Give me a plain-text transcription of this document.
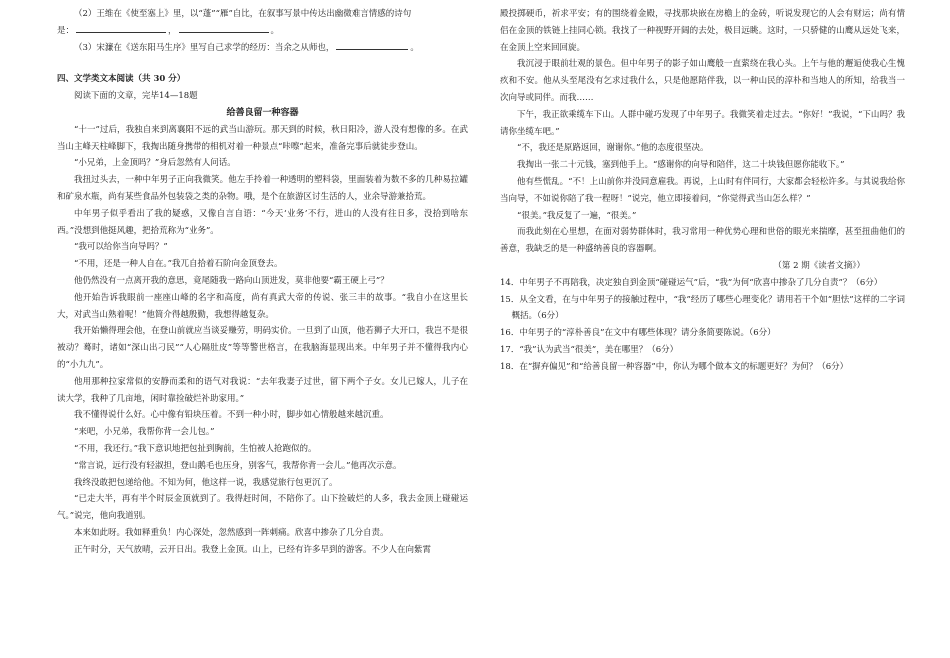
（2）王维在《使至塞上》里，以“蓬”“雁”自比，在叙事写景中传达出幽微难言情感的诗句

是：	，	。

（3）宋濂在《送东阳马生序》里写自己求学的经历：当余之从师也，	。

四、文学类文本阅读（共 30 分）

阅读下面的文章，完毕14—18题

给善良留一种容器

“十一”过后，我独自来到离襄阳不远的武当山游玩。那天到的时候，秋日阳冷，游人没有想像的多。在武当山主峰天柱峰脚下，我掏出随身携带的相机对着一种景点“咔嚓”起来，准备完事后就徒步登山。

“小兄弟，上金顶吗？”身后忽然有人问话。

我扭过头去，一种中年男子正向我微笑。他左手拎着一种透明的塑料袋，里面装着为数不多的几种易拉罐和矿泉水瓶，尚有某些食品外包装袋之类的杂物。哦，是个在旅游区讨生活的人，业余导游兼拾荒。

中年男子似乎看出了我的疑惑，又像自言自语：“今天‘业务’不行，进山的人没有往日多，没拾到啥东西。”没想到他挺风趣，把拾荒称为“业务”。

“我可以给你当向导吗？”

“不用，还是一种人自在。”我兀自拾着石阶向金顶登去。

他仍然没有一点离开我的意思，竟尾随我一路向山顶进发，莫非他要“霸王硬上弓”？

他开始告诉我眼前一座座山峰的名字和高度，尚有真武大帝的传说、张三丰的故事。“我自小在这里长大，对武当山熟着呢！”他简介得越殷勤，我想得越复杂。

我开始懒得理会他，在登山前就应当谈妥赚劳，明码实价。一旦到了山顶，他若狮子大开口，我岂不是很被动？蓦时，诸如“深山出刁民”“人心隔肚皮”等等警世格言，在我脑海显现出来。中年男子并不懂得我内心的“小九九”。

他用那种拉家常似的安静而柔和的语气对我说：“去年我妻子过世，留下两个子女。女儿已嫁人，儿子在读大学，我种了几亩地，闲时靠捡破烂补助家用。”

我不懂得说什么好。心中像有铅块压着。不到一种小时，脚步如心情般越来越沉重。

“来吧，小兄弟，我帮你背一会儿包。”

“不用，我还行。”我下意识地把包扯到胸前，生怕被人抢跑似的。

“常言说，远行没有轻淑担，登山鹅毛也压身，别客气，我帮你背一会儿。”他再次示意。

我终没敢把包递给他。不知为何，他这样一说，我感觉旅行包更沉了。

“已走大半，再有半个时辰金顶就到了。我得赶时间，不陪你了。山下捡破烂的人多，我去金顶上碰碰运气。”说完，他向我道别。

本来如此呀。我如释重负！内心深处，忽然感到一阵刺痛。欣喜中掺杂了几分自责。

正午时分，天气放晴，云开日出。我登上金顶。山上，已经有许多早到的游客。不少人在向紫霄

殿投掷硬币，祈求平安；有的围绕着金殿，寻找那块嵌在房檐上的金砖，听说发现它的人会有财运；尚有情侣在金顶的铁链上挂同心锁。我找了一种视野开阔的去处，极目远眺。这时，一只骄健的山鹰从远处飞来，在金顶上空来回回旋。

我沉浸于眼前壮观的景色。但中年男子的影子如山鹰般一直萦绕在我心头。上午与他的邂逅使我心生愧疚和不安。他从头至尾没有乞求过我什么，只是他愿陪伴我，以一种山民的淳朴和当地人的所知，给我当一次向导或同伴。而我……

下午，我正欲乘缆车下山。人群中碰巧发现了中年男子。我微笑着走过去。“你好！”我说，“下山吗？我请你坐缆车吧。”

“不，我还是原路返回，谢谢你。”他的态度很坚决。

我掏出一张二十元钱，塞到他手上。“感谢你的向导和陪伴，这二十块钱但愿你能收下。”

他有些慌乱。“不！上山前你并没同意雇我。再说，上山时有伴同行，大家都会轻松许多。与其说我给你当向导，不如说你陪了我一程呀！”说完，他立即接着问，“你觉得武当山怎么样？”

“很美。”我反复了一遍，“很美。”

而我此刻在心里想，在面对弱势群体时，我习常用一种优势心理和世俗的眼光来揣摩，甚至扭曲他们的善意，我缺乏的是一种盛纳善良的容器啊。

（第 2 期《读者文摘》）

14．中年男子不再陪我，决定独自到金顶“碰碰运气”后，“我”为何“欣喜中掺杂了几分自责”？（6分）

15．从全文看，在与中年男子的接触过程中，“我”经历了哪些心理变化？请用若干个如“胆怯”这样的二字词概括。（6分）

16．中年男子的“淳朴善良”在文中有哪些体现？请分条简要陈说。（6分）

17．“我”认为武当“很美”，美在哪里？（6分）

18．在“摒弃偏见”和“给善良留一种容器”中，你认为哪个做本文的标题更好？为何？（6分）
